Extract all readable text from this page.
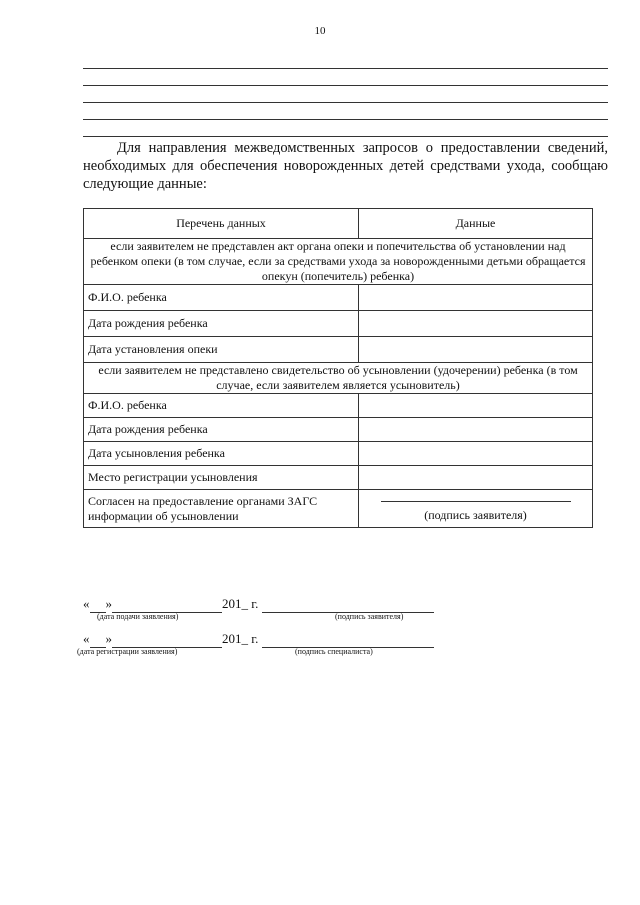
10

Для направления межведомственных запросов о предоставлении сведений, необходимых для обеспечения новорожденных детей средствами ухода, сообщаю следующие данные:

Перечень данных	Данные
если заявителем не представлен акт органа опеки и попечительства об установлении над ребенком опеки (в том случае, если за средствами ухода за новорожденными детьми обращается опекун (попечитель) ребенка)	
Ф.И.О. ребенка	
Дата рождения ребенка	
Дата установления опеки	
если заявителем не представлено свидетельство об усыновлении (удочерении) ребенка (в том случае, если заявителем является усыновитель)	
Ф.И.О. ребенка	
Дата рождения ребенка	
Дата усыновления ребенка	
Место регистрации усыновления	
Согласен на предоставление органами ЗАГС информации об усыновлении	(подпись заявителя)
« »	201_ г.
(дата подачи заявления)	(подпись заявителя)
« »	201_ г.
(дата регистрации заявления)	(подпись специалиста)
